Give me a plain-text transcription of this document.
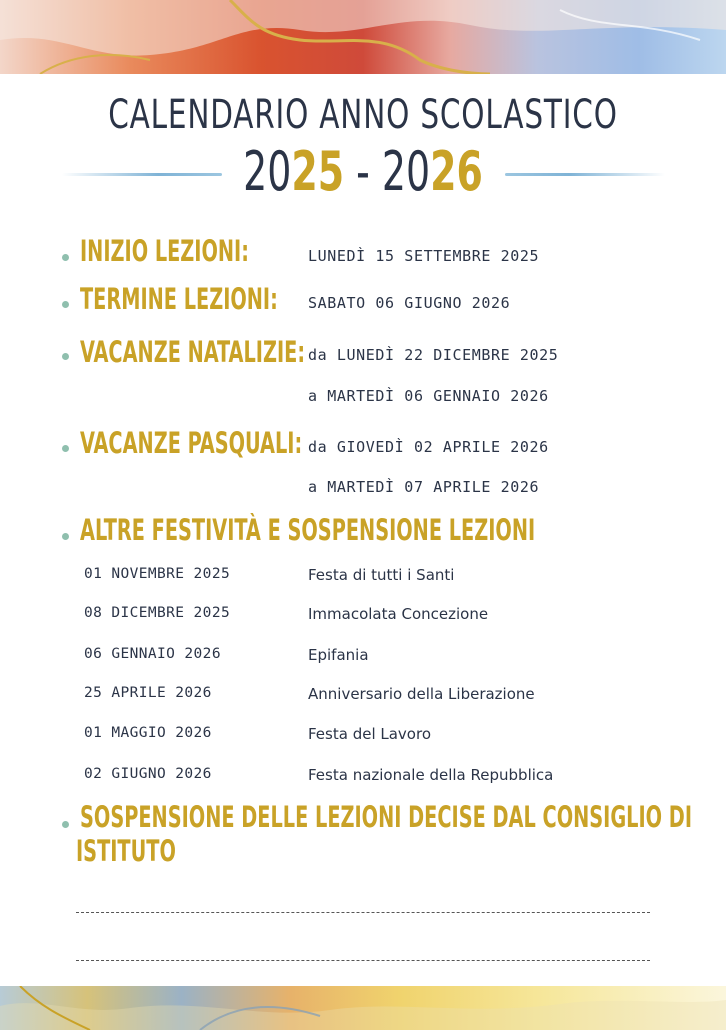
CALENDARIO ANNO SCOLASTICO
2025 - 2026
INIZIO LEZIONI:	LUNEDÌ 15 SETTEMBRE 2025
TERMINE LEZIONI: SABATO 06 GIUGNO 2026
VACANZE NATALIZIE: da LUNEDÌ 22 DICEMBRE 2025
a MARTEDÌ 06 GENNAIO 2026
VACANZE PASQUALI: da GIOVEDÌ 02 APRILE 2026
a MARTEDÌ 07 APRILE 2026
ALTRE FESTIVITÀ E SOSPENSIONE LEZIONI
01 NOVEMBRE 2025	Festa di tutti i Santi
08 DICEMBRE 2025	Immacolata Concezione
06 GENNAIO 2026	Epifania
25 APRILE 2026	Anniversario della Liberazione
01 MAGGIO 2026	Festa del Lavoro
02 GIUGNO 2026	Festa nazionale della Repubblica
SOSPENSIONE DELLE LEZIONI DECISE DAL CONSIGLIO DI
ISTITUTO
